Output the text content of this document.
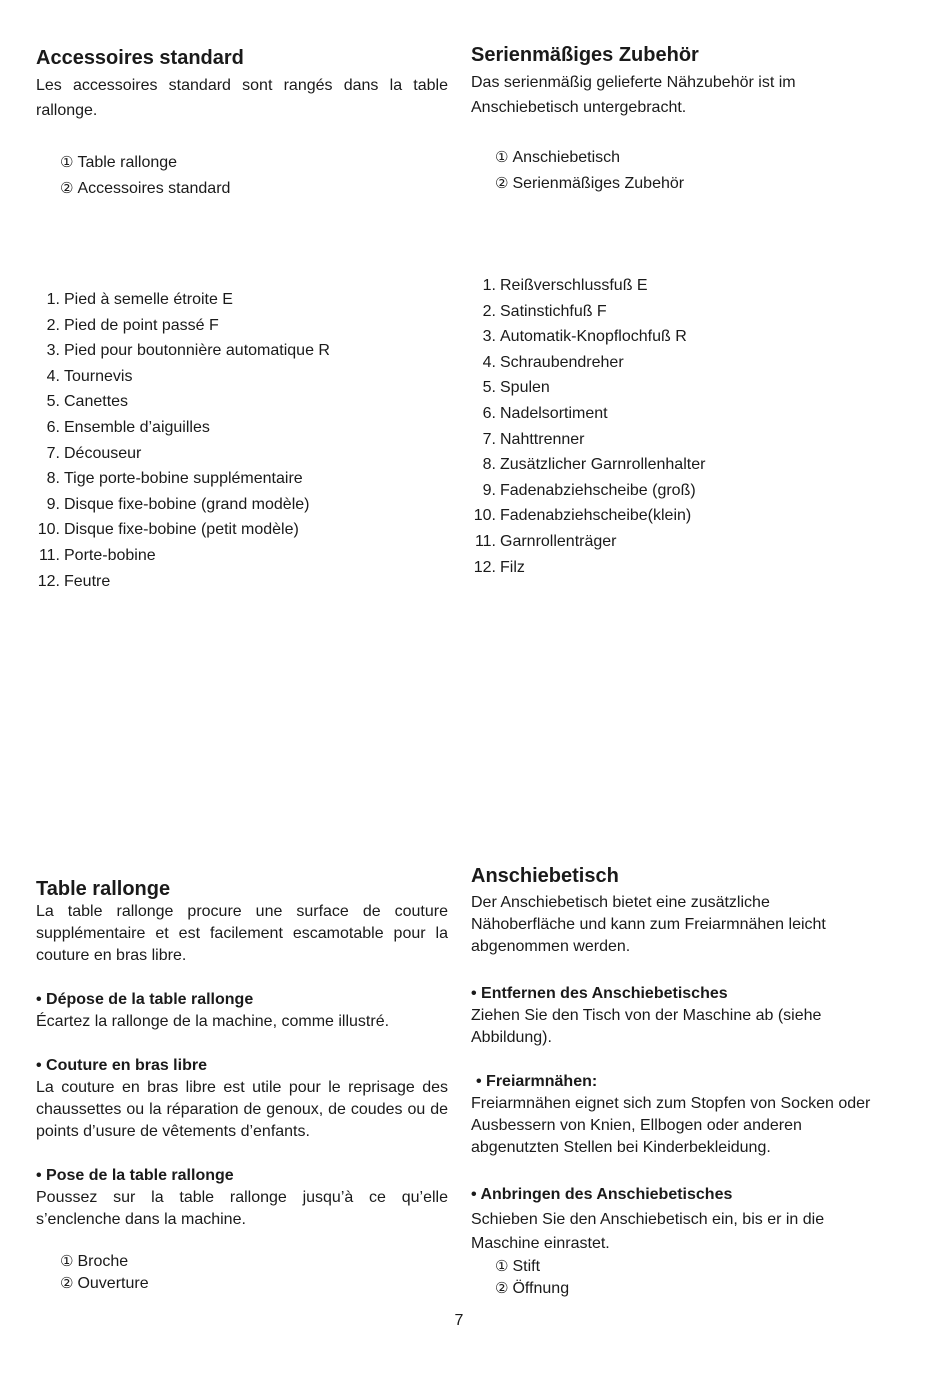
Accessoires standard

Les accessoires standard sont rangés dans la table rallonge.

① Table rallonge
② Accessoires standard
1. Pied à semelle étroite E
2. Pied de point passé F
3. Pied pour boutonnière automatique R
4. Tournevis
5. Canettes
6. Ensemble d’aiguilles
7. Découseur
8. Tige porte-bobine supplémentaire
9. Disque fixe-bobine (grand modèle)
10. Disque fixe-bobine (petit modèle)
11. Porte-bobine
12. Feutre
Serienmäßiges Zubehör

Das serienmäßig gelieferte Nähzubehör ist im Anschiebetisch untergebracht.

① Anschiebetisch
② Serienmäßiges Zubehör
1. Reißverschlussfuß E
2. Satinstichfuß F
3. Automatik-Knopflochfuß R
4. Schraubendreher
5. Spulen
6. Nadelsortiment
7. Nahttrenner
8. Zusätzlicher Garnrollenhalter
9. Fadenabziehscheibe (groß)
10. Fadenabziehscheibe(klein)
11. Garnrollenträger
12. Filz
Table rallonge

La table rallonge procure une surface de couture supplémentaire et est facilement escamotable pour la couture en bras libre.

• Dépose de la table rallonge

Écartez la rallonge de la machine, comme illustré.

• Couture en bras libre

La couture en bras libre est utile pour le reprisage des chaussettes ou la réparation de genoux, de coudes ou de points d’usure de vêtements d’enfants.

• Pose de la table rallonge

Poussez sur la table rallonge jusqu’à ce qu’elle s’enclenche dans la machine.

① Broche
② Ouverture
Anschiebetisch

Der Anschiebetisch bietet eine zusätzliche Nähoberfläche und kann zum Freiarmnähen leicht abgenommen werden.

• Entfernen des Anschiebetisches

Ziehen Sie den Tisch von der Maschine ab (siehe Abbildung).

• Freiarmnähen:

Freiarmnähen eignet sich zum Stopfen von Socken oder Ausbessern von Knien, Ellbogen oder anderen abgenutzten Stellen bei Kinderbekleidung.

• Anbringen des Anschiebetisches

Schieben Sie den Anschiebetisch ein, bis er in die Maschine einrastet.

① Stift
② Öffnung
7
